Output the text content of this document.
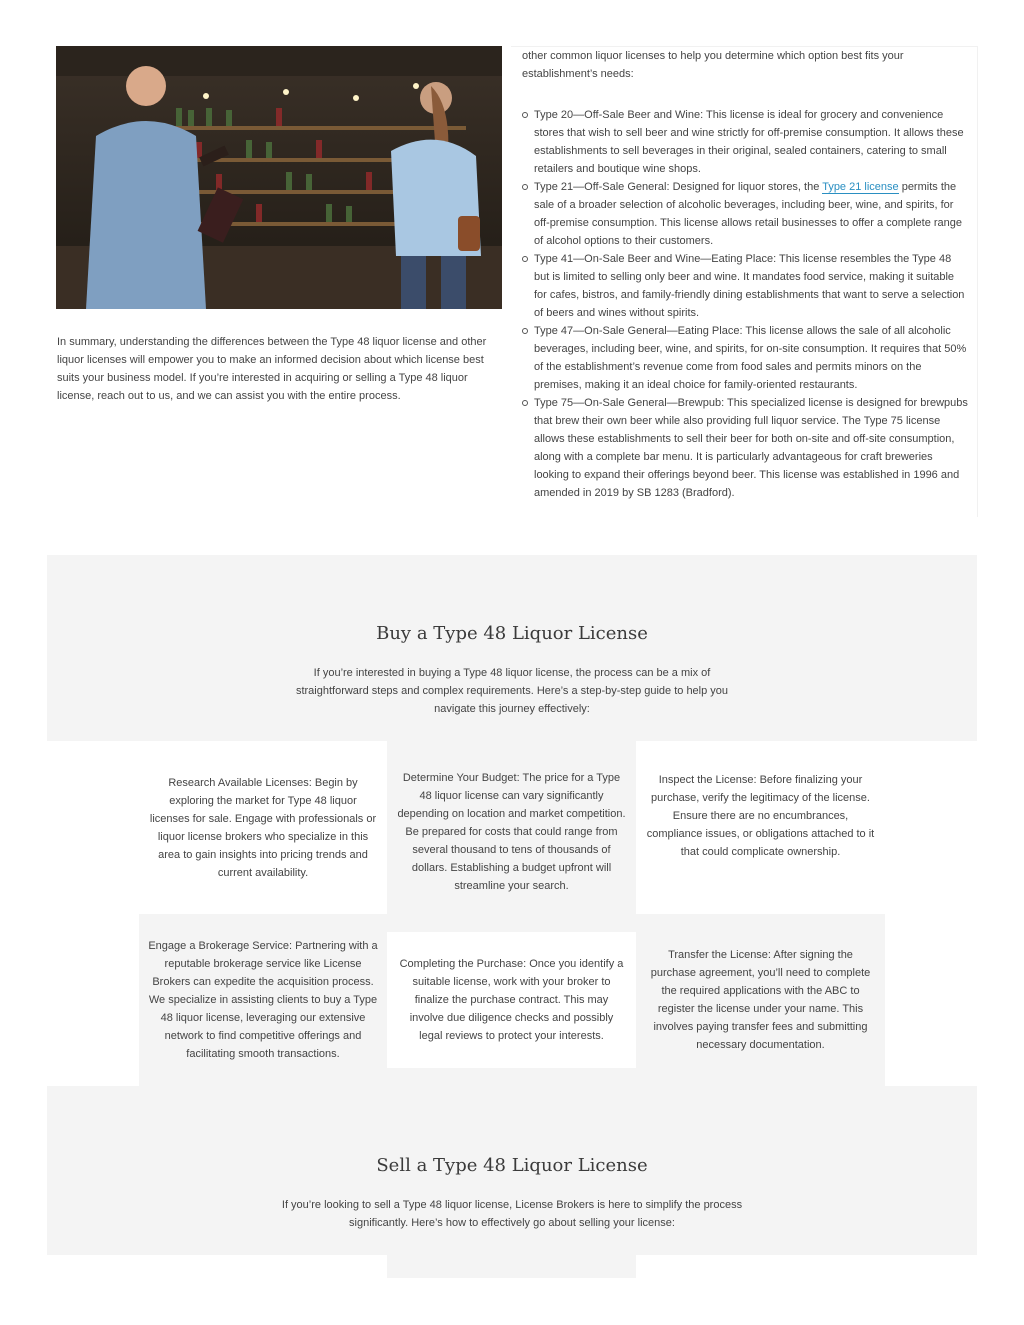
In summary, understanding the differences between the Type 48 liquor license and other liquor licenses will empower you to make an informed decision about which license best suits your business model. If you’re interested in acquiring or selling a Type 48 liquor license, reach out to us, and we can assist you with the entire process.

other common liquor licenses to help you determine which option best fits your establishment’s needs:

Type 20—Off-Sale Beer and Wine: This license is ideal for grocery and convenience stores that wish to sell beer and wine strictly for off-premise consumption. It allows these establishments to sell beverages in their original, sealed containers, catering to small retailers and boutique wine shops.
Type 21—Off-Sale General: Designed for liquor stores, the Type 21 license permits the sale of a broader selection of alcoholic beverages, including beer, wine, and spirits, for off-premise consumption. This license allows retail businesses to offer a complete range of alcohol options to their customers.
Type 41—On-Sale Beer and Wine—Eating Place: This license resembles the Type 48 but is limited to selling only beer and wine. It mandates food service, making it suitable for cafes, bistros, and family-friendly dining establishments that want to serve a selection of beers and wines without spirits.
Type 47—On-Sale General—Eating Place: This license allows the sale of all alcoholic beverages, including beer, wine, and spirits, for on-site consumption. It requires that 50% of the establishment’s revenue come from food sales and permits minors on the premises, making it an ideal choice for family-oriented restaurants.
Type 75—On-Sale General—Brewpub: This specialized license is designed for brewpubs that brew their own beer while also providing full liquor service. The Type 75 license allows these establishments to sell their beer for both on-site and off-site consumption, along with a complete bar menu. It is particularly advantageous for craft breweries looking to expand their offerings beyond beer. This license was established in 1996 and amended in 2019 by SB 1283 (Bradford).
Buy a Type 48 Liquor License

If you’re interested in buying a Type 48 liquor license, the process can be a mix of straightforward steps and complex requirements. Here’s a step-by-step guide to help you navigate this journey effectively:

Research Available Licenses: Begin by exploring the market for Type 48 liquor licenses for sale. Engage with professionals or liquor license brokers who specialize in this area to gain insights into pricing trends and current availability.
Determine Your Budget: The price for a Type 48 liquor license can vary significantly depending on location and market competition. Be prepared for costs that could range from several thousand to tens of thousands of dollars. Establishing a budget upfront will streamline your search.
Inspect the License: Before finalizing your purchase, verify the legitimacy of the license. Ensure there are no encumbrances, compliance issues, or obligations attached to it that could complicate ownership.
Engage a Brokerage Service: Partnering with a reputable brokerage service like License Brokers can expedite the acquisition process. We specialize in assisting clients to buy a Type 48 liquor license, leveraging our extensive network to find competitive offerings and facilitating smooth transactions.
Completing the Purchase: Once you identify a suitable license, work with your broker to finalize the purchase contract. This may involve due diligence checks and possibly legal reviews to protect your interests.
Transfer the License: After signing the purchase agreement, you’ll need to complete the required applications with the ABC to register the license under your name. This involves paying transfer fees and submitting necessary documentation.
Sell a Type 48 Liquor License

If you’re looking to sell a Type 48 liquor license, License Brokers is here to simplify the process significantly. Here’s how to effectively go about selling your license:
